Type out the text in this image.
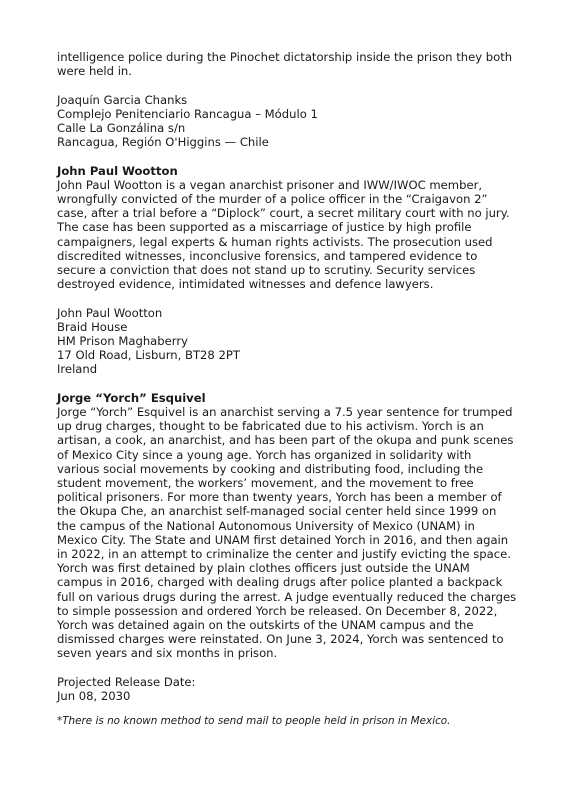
intelligence police during the Pinochet dictatorship inside the prison they both were held in.

Joaquín Garcia Chanks
Complejo Penitenciario Rancagua – Módulo 1
Calle La Gonzálina s/n
Rancagua, Región O'Higgins — Chile

John Paul Wootton

John Paul Wootton is a vegan anarchist prisoner and IWW/IWOC member, wrongfully convicted of the murder of a police officer in the “Craigavon 2” case, after a trial before a “Diplock” court, a secret military court with no jury. The case has been supported as a miscarriage of justice by high profile campaigners, legal experts & human rights activists. The prosecution used discredited witnesses, inconclusive forensics, and tampered evidence to secure a conviction that does not stand up to scrutiny. Security services destroyed evidence, intimidated witnesses and defence lawyers.

John Paul Wootton
Braid House
HM Prison Maghaberry
17 Old Road, Lisburn, BT28 2PT
Ireland

Jorge “Yorch” Esquivel

Jorge “Yorch” Esquivel is an anarchist serving a 7.5 year sentence for trumped up drug charges, thought to be fabricated due to his activism. Yorch is an artisan, a cook, an anarchist, and has been part of the okupa and punk scenes of Mexico City since a young age. Yorch has organized in solidarity with various social movements by cooking and distributing food, including the student movement, the workers’ movement, and the movement to free political prisoners. For more than twenty years, Yorch has been a member of the Okupa Che, an anarchist self-managed social center held since 1999 on the campus of the National Autonomous University of Mexico (UNAM) in Mexico City. The State and UNAM first detained Yorch in 2016, and then again in 2022, in an attempt to criminalize the center and justify evicting the space. Yorch was first detained by plain clothes officers just outside the UNAM campus in 2016, charged with dealing drugs after police planted a backpack full on various drugs during the arrest. A judge eventually reduced the charges to simple possession and ordered Yorch be released. On December 8, 2022, Yorch was detained again on the outskirts of the UNAM campus and the dismissed charges were reinstated. On June 3, 2024, Yorch was sentenced to seven years and six months in prison.

Projected Release Date:
Jun 08, 2030

*There is no known method to send mail to people held in prison in Mexico.
